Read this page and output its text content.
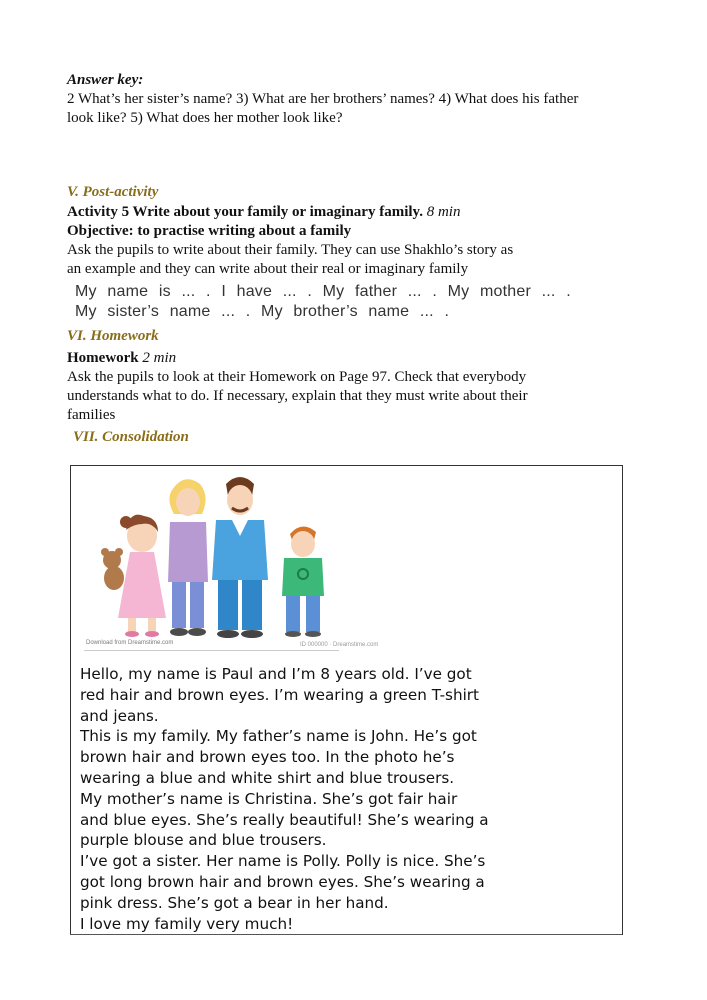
Answer key:
2 What’s her sister’s name? 3) What are her brothers’ names? 4) What does his father
look like? 5) What does her mother look like?
V. Post-activity
Activity 5 Write about your family or imaginary family. 8 min
Objective: to practise writing about a family
Ask the pupils to write about their family. They can use Shakhlo’s story as
an example and they can write about their real or imaginary family
My name is ... . I have ... . My father ... . My mother ... .
My sister’s name ... . My brother’s name ... .
VI. Homework
Homework 2 min
Ask the pupils to look at their Homework on Page 97. Check that everybody
understands what to do. If necessary, explain that they must write about their
families
VII. Consolidation
Download from Dreamstime.com	ID 000000 · Dreamstime.com
Hello, my name is Paul and I’m 8 years old. I’ve got
red hair and brown eyes. I’m wearing a green T-shirt
and jeans.
This is my family. My father’s name is John. He’s got
brown hair and brown eyes too. In the photo he’s
wearing a blue and white shirt and blue trousers.
My mother’s name is Christina. She’s got fair hair
and blue eyes. She’s really beautiful! She’s wearing a
purple blouse and blue trousers.
I’ve got a sister. Her name is Polly. Polly is nice. She’s
got long brown hair and brown eyes. She’s wearing a
pink dress. She’s got a bear in her hand.
I love my family very much!
